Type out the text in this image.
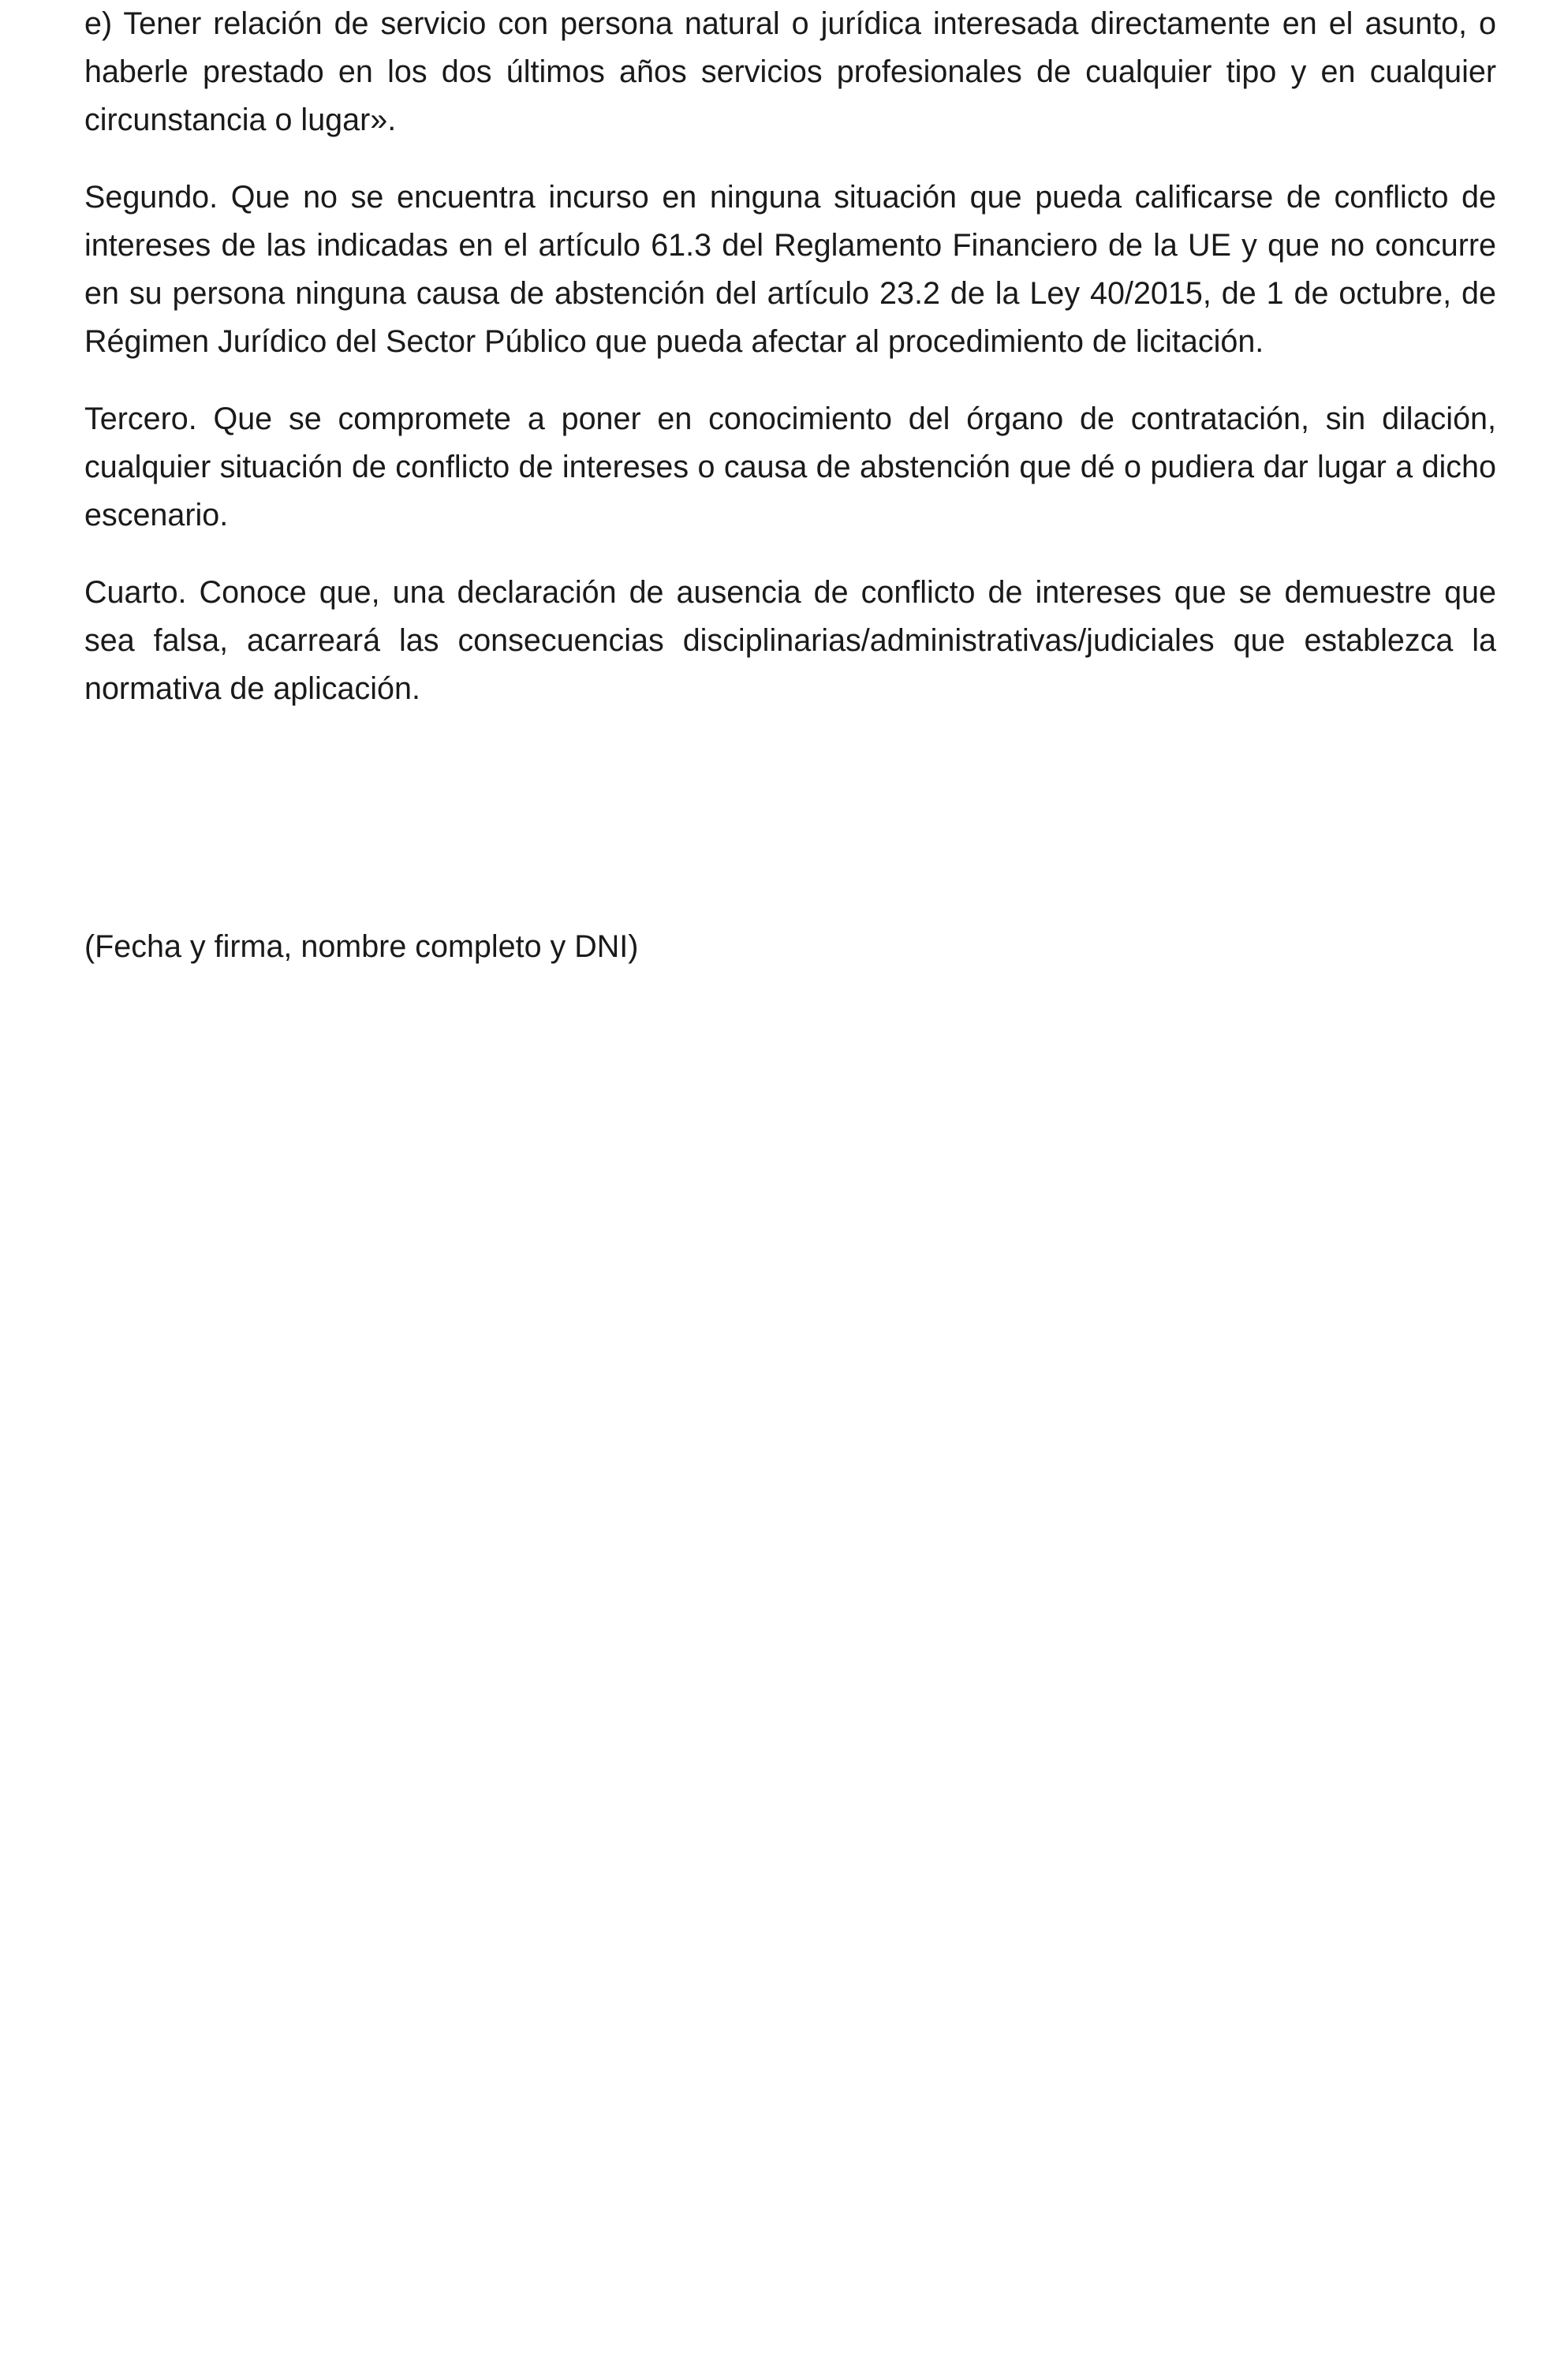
e) Tener relación de servicio con persona natural o jurídica interesada directamente en el asunto, o haberle prestado en los dos últimos años servicios profesionales de cualquier tipo y en cualquier circunstancia o lugar».

Segundo. Que no se encuentra incurso en ninguna situación que pueda calificarse de conflicto de intereses de las indicadas en el artículo 61.3 del Reglamento Financiero de la UE y que no concurre en su persona ninguna causa de abstención del artículo 23.2 de la Ley 40/2015, de 1 de octubre, de Régimen Jurídico del Sector Público que pueda afectar al procedimiento de licitación.

Tercero. Que se compromete a poner en conocimiento del órgano de contratación, sin dilación, cualquier situación de conflicto de intereses o causa de abstención que dé o pudiera dar lugar a dicho escenario.

Cuarto. Conoce que, una declaración de ausencia de conflicto de intereses que se demuestre que sea falsa, acarreará las consecuencias disciplinarias/administrativas/judiciales que establezca la normativa de aplicación.

(Fecha y firma, nombre completo y DNI)
